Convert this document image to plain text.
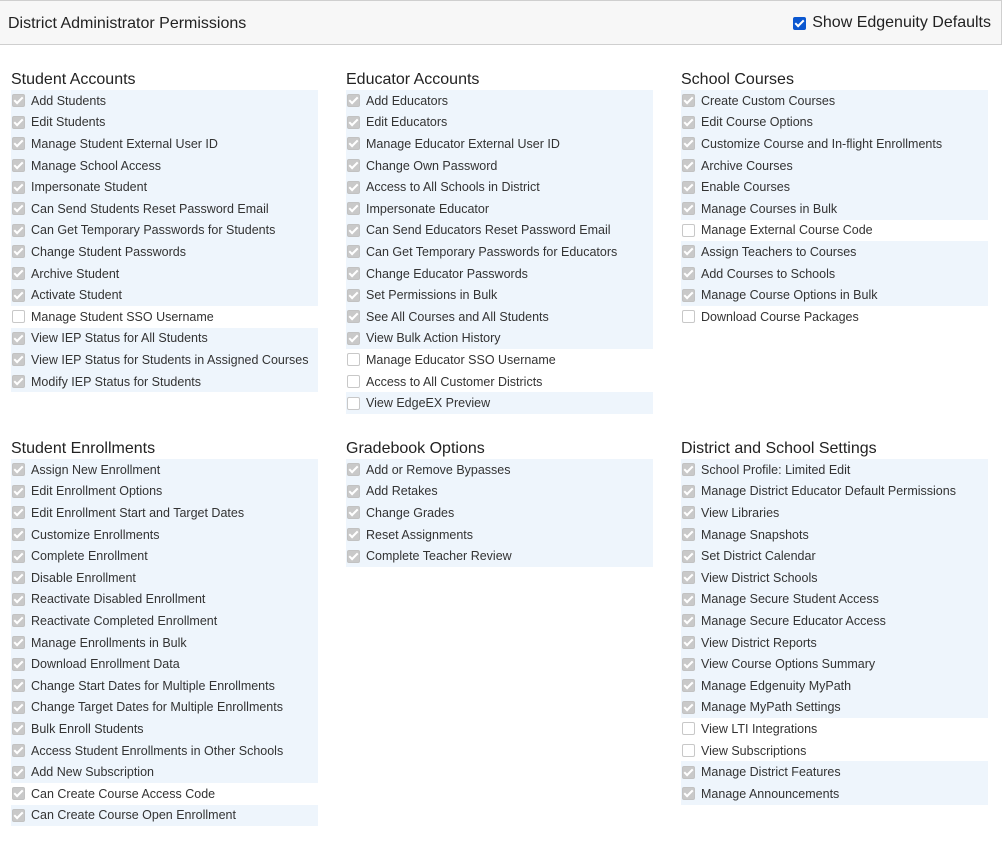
District Administrator Permissions	Show Edgenuity Defaults
Student Accounts
Add Students
Edit Students
Manage Student External User ID
Manage School Access
Impersonate Student
Can Send Students Reset Password Email
Can Get Temporary Passwords for Students
Change Student Passwords
Archive Student
Activate Student
Manage Student SSO Username
View IEP Status for All Students
View IEP Status for Students in Assigned Courses
Modify IEP Status for Students
Educator Accounts
Add Educators
Edit Educators
Manage Educator External User ID
Change Own Password
Access to All Schools in District
Impersonate Educator
Can Send Educators Reset Password Email
Can Get Temporary Passwords for Educators
Change Educator Passwords
Set Permissions in Bulk
See All Courses and All Students
View Bulk Action History
Manage Educator SSO Username
Access to All Customer Districts
View EdgeEX Preview
School Courses
Create Custom Courses
Edit Course Options
Customize Course and In-flight Enrollments
Archive Courses
Enable Courses
Manage Courses in Bulk
Manage External Course Code
Assign Teachers to Courses
Add Courses to Schools
Manage Course Options in Bulk
Download Course Packages
Student Enrollments
Assign New Enrollment
Edit Enrollment Options
Edit Enrollment Start and Target Dates
Customize Enrollments
Complete Enrollment
Disable Enrollment
Reactivate Disabled Enrollment
Reactivate Completed Enrollment
Manage Enrollments in Bulk
Download Enrollment Data
Change Start Dates for Multiple Enrollments
Change Target Dates for Multiple Enrollments
Bulk Enroll Students
Access Student Enrollments in Other Schools
Add New Subscription
Can Create Course Access Code
Can Create Course Open Enrollment
Gradebook Options
Add or Remove Bypasses
Add Retakes
Change Grades
Reset Assignments
Complete Teacher Review
District and School Settings
School Profile: Limited Edit
Manage District Educator Default Permissions
View Libraries
Manage Snapshots
Set District Calendar
View District Schools
Manage Secure Student Access
Manage Secure Educator Access
View District Reports
View Course Options Summary
Manage Edgenuity MyPath
Manage MyPath Settings
View LTI Integrations
View Subscriptions
Manage District Features
Manage Announcements
